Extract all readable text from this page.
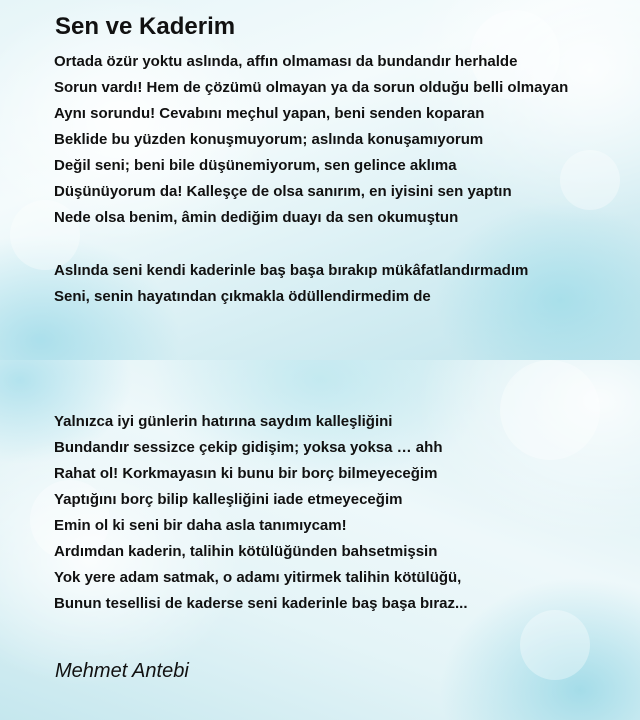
Sen ve Kaderim
Ortada özür yoktu aslında, affın olmaması da bundandır herhalde
Sorun vardı! Hem de çözümü olmayan ya da sorun olduğu belli olmayan
Aynı sorundu! Cevabını meçhul yapan, beni senden koparan
Beklide bu yüzden konuşmuyorum; aslında konuşamıyorum
Değil seni; beni bile düşünemiyorum, sen gelince aklıma
Düşünüyorum da! Kalleşçe de olsa sanırım, en iyisini sen yaptın
Nede olsa benim, âmin dediğim duayı da sen okumuştun
Aslında seni kendi kaderinle baş başa bırakıp mükâfatlandırmadım
Seni, senin hayatından çıkmakla ödüllendirmedim de
Yalnızca iyi günlerin hatırına saydım kalleşliğini
Bundandır sessizce çekip gidişim; yoksa yoksa … ahh
Rahat ol! Korkmayasın ki bunu bir borç bilmeyeceğim
Yaptığını borç bilip kalleşliğini iade etmeyeceğim
Emin ol ki seni bir daha asla tanımıycam!
Ardımdan kaderin, talihin kötülüğünden bahsetmişsin
Yok yere adam satmak, o adamı yitirmek talihin kötülüğü,
Bunun tesellisi de kaderse seni kaderinle baş başa bıraz...

Mehmet Antebi
